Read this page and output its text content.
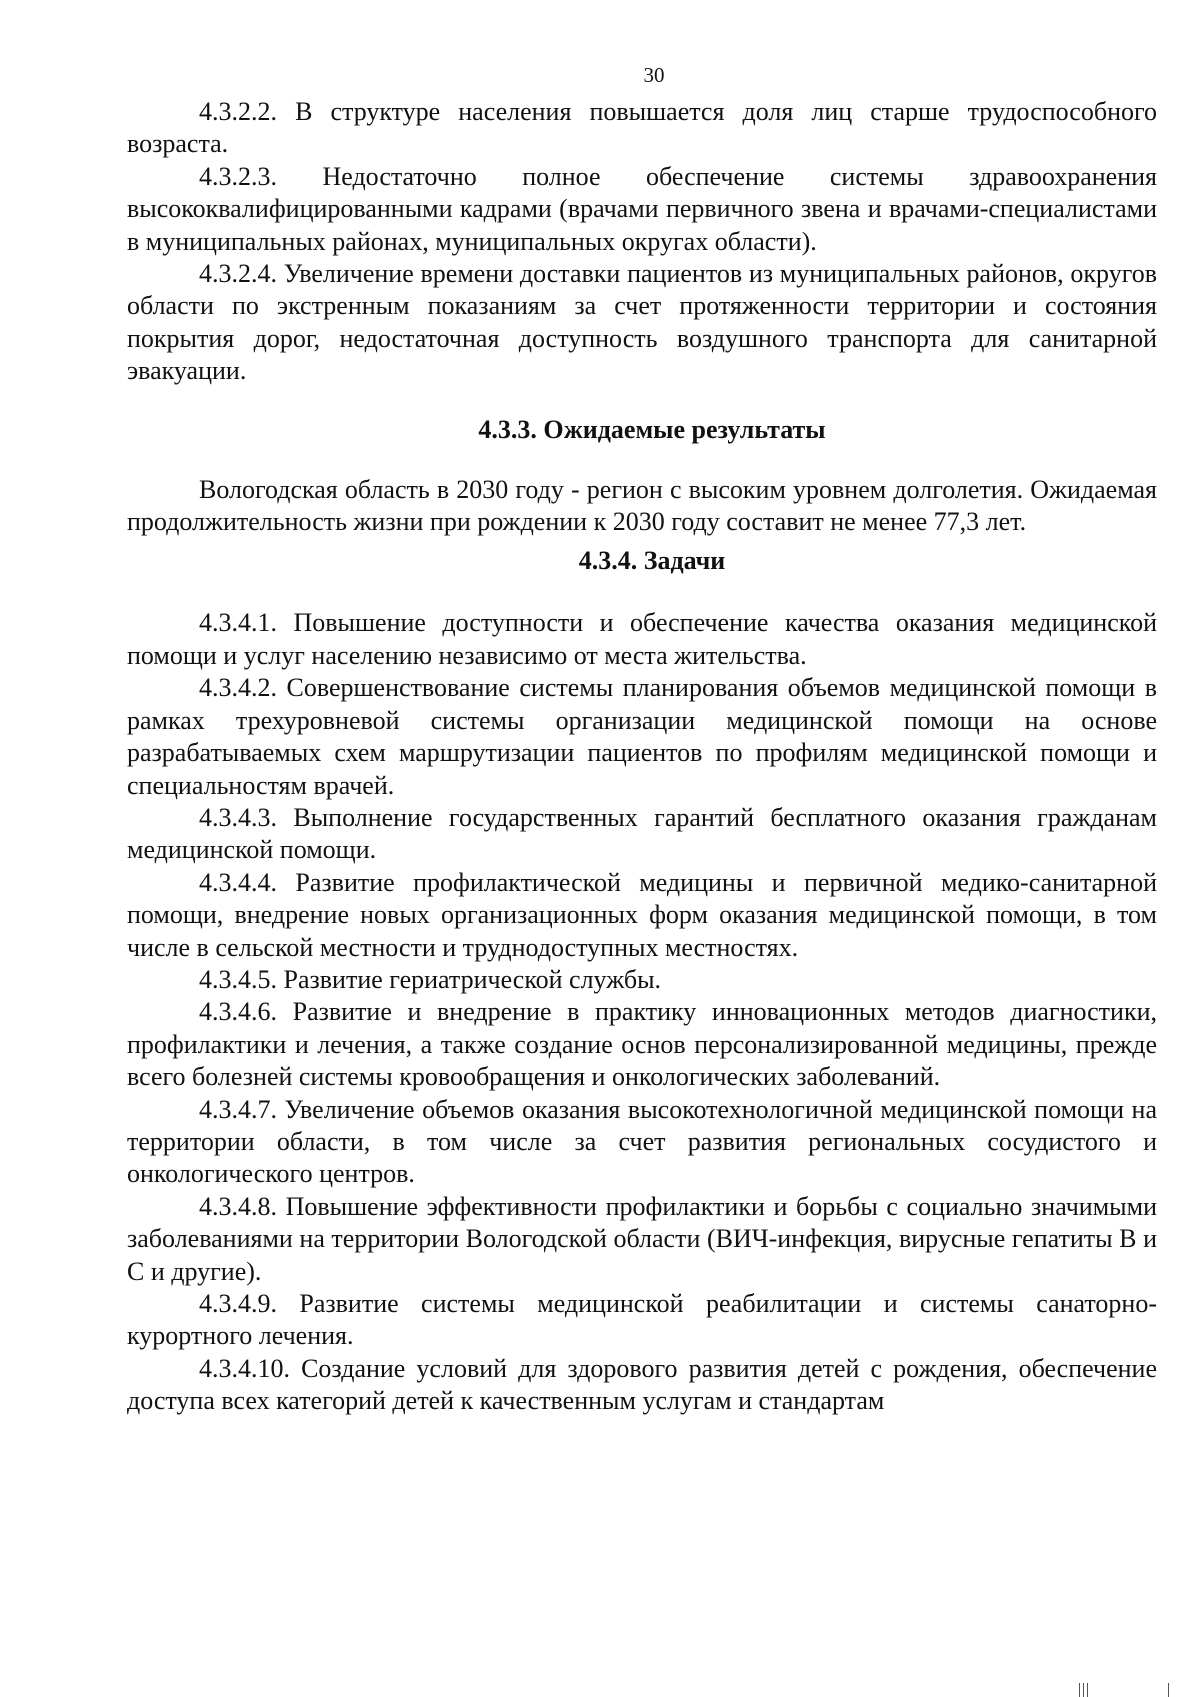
30

4.3.2.2. В структуре населения повышается доля лиц старше трудоспособного возраста.

4.3.2.3. Недостаточно полное обеспечение системы здравоохранения высококвалифицированными кадрами (врачами первичного звена и врачами-специалистами в муниципальных районах, муниципальных округах области).

4.3.2.4. Увеличение времени доставки пациентов из муниципальных районов, округов области по экстренным показаниям за счет протяженности территории и состояния покрытия дорог, недостаточная доступность воздушного транспорта для санитарной эвакуации.

4.3.3. Ожидаемые результаты

Вологодская область в 2030 году - регион с высоким уровнем долголетия. Ожидаемая продолжительность жизни при рождении к 2030 году составит не менее 77,3 лет.

4.3.4. Задачи

4.3.4.1. Повышение доступности и обеспечение качества оказания медицинской помощи и услуг населению независимо от места жительства.

4.3.4.2. Совершенствование системы планирования объемов медицинской помощи в рамках трехуровневой системы организации медицинской помощи на основе разрабатываемых схем маршрутизации пациентов по профилям медицинской помощи и специальностям врачей.

4.3.4.3. Выполнение государственных гарантий бесплатного оказания гражданам медицинской помощи.

4.3.4.4. Развитие профилактической медицины и первичной медико-санитарной помощи, внедрение новых организационных форм оказания медицинской помощи, в том числе в сельской местности и труднодоступных местностях.

4.3.4.5. Развитие гериатрической службы.

4.3.4.6. Развитие и внедрение в практику инновационных методов диагностики, профилактики и лечения, а также создание основ персонализированной медицины, прежде всего болезней системы кровообращения и онкологических заболеваний.

4.3.4.7. Увеличение объемов оказания высокотехнологичной медицинской помощи на территории области, в том числе за счет развития региональных сосудистого и онкологического центров.

4.3.4.8. Повышение эффективности профилактики и борьбы с социально значимыми заболеваниями на территории Вологодской области (ВИЧ-инфекция, вирусные гепатиты B и C и другие).

4.3.4.9. Развитие системы медицинской реабилитации и системы санаторно-курортного лечения.

4.3.4.10. Создание условий для здорового развития детей с рождения, обеспечение доступа всех категорий детей к качественным услугам и стандартам
